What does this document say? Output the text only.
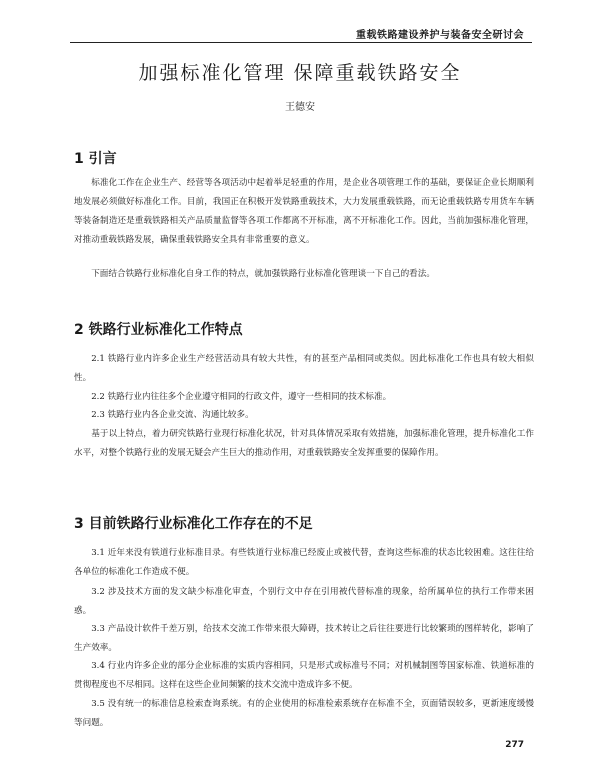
重载铁路建设养护与装备安全研讨会
加强标准化管理 保障重载铁路安全
王德安
1 引言

标准化工作在企业生产、经营等各项活动中起着举足轻重的作用，是企业各项管理工作的基础，要保证企业长期顺利地发展必须做好标准化工作。目前，我国正在积极开发铁路重载技术，大力发展重载铁路，而无论重载铁路专用货车车辆等装备制造还是重载铁路相关产品质量监督等各项工作都离不开标准，离不开标准化工作。因此，当前加强标准化管理，对推动重载铁路发展，确保重载铁路安全具有非常重要的意义。

下面结合铁路行业标准化自身工作的特点，就加强铁路行业标准化管理谈一下自己的看法。

2 铁路行业标准化工作特点

2.1 铁路行业内许多企业生产经营活动具有较大共性，有的甚至产品相同或类似。因此标准化工作也具有较大相似性。

2.2 铁路行业内往往多个企业遵守相同的行政文件，遵守一些相同的技术标准。

2.3 铁路行业内各企业交流、沟通比较多。

基于以上特点，着力研究铁路行业现行标准化状况，针对具体情况采取有效措施，加强标准化管理，提升标准化工作水平，对整个铁路行业的发展无疑会产生巨大的推动作用，对重载铁路安全发挥重要的保障作用。

3 目前铁路行业标准化工作存在的不足

3.1 近年来没有铁道行业标准目录。有些铁道行业标准已经废止或被代替，查询这些标准的状态比较困难。这往往给各单位的标准化工作造成不便。

3.2 涉及技术方面的发文缺少标准化审查，个别行文中存在引用被代替标准的现象，给所属单位的执行工作带来困惑。

3.3 产品设计软件千差万别，给技术交流工作带来很大障碍，技术转让之后往往要进行比较繁琐的图样转化，影响了生产效率。

3.4 行业内许多企业的部分企业标准的实质内容相同，只是形式或标准号不同；对机械制图等国家标准、铁道标准的贯彻程度也不尽相同。这样在这些企业间频繁的技术交流中造成许多不便。

3.5 没有统一的标准信息检索查询系统。有的企业使用的标准检索系统存在标准不全，页面错误较多，更新速度缓慢等问题。

277
